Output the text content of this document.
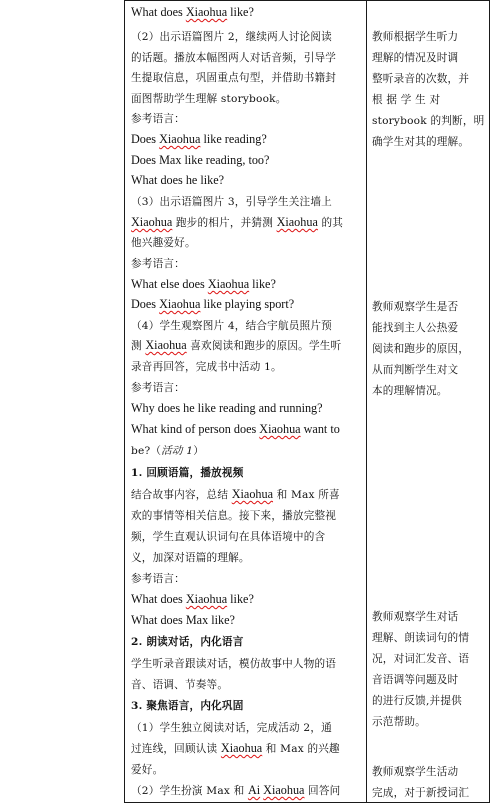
What does Xiaohua like?
（2）出示语篇图片 2，继续两人讨论阅读
的话题。播放本幅图两人对话音频，引导学
生提取信息，巩固重点句型，并借助书籍封
面图帮助学生理解 storybook。
参考语言：
Does Xiaohua like reading?
Does Max like reading, too?
What does he like?
（3）出示语篇图片 3，引导学生关注墙上
Xiaohua 跑步的相片，并猜测 Xiaohua 的其
他兴趣爱好。
参考语言：
What else does Xiaohua like?
Does Xiaohua like playing sport?
（4）学生观察图片 4，结合宇航员照片预
测 Xiaohua 喜欢阅读和跑步的原因。学生听
录音再回答，完成书中活动 1。
参考语言：
Why does he like reading and running?
What kind of person does Xiaohua want to
be?（活动 1）
1. 回顾语篇，播放视频
结合故事内容，总结 Xiaohua 和 Max 所喜
欢的事情等相关信息。接下来，播放完整视
频，学生直观认识词句在具体语境中的含
义，加深对语篇的理解。
参考语言：
What does Xiaohua like?
What does Max like?
2. 朗读对话，内化语言
学生听录音跟读对话，模仿故事中人物的语
音、语调、节奏等。
3. 聚焦语言，内化巩固
（1）学生独立阅读对话，完成活动 2，通
过连线，回顾认读 Xiaohua 和 Max 的兴趣
爱好。
（2）学生扮演 Max 和 Ai Xiaohua 回答问
教师根据学生听力
理解的情况及时调
整听录音的次数，并
根 据 学 生 对
storybook 的判断，明
确学生对其的理解。
教师观察学生是否
能找到主人公热爱
阅读和跑步的原因，
从而判断学生对文
本的理解情况。
教师观察学生对话
理解、朗读词句的情
况，对词汇发音、语
音语调等问题及时
的进行反馈,并提供
示范帮助。
教师观察学生活动
完成，对于新授词汇
